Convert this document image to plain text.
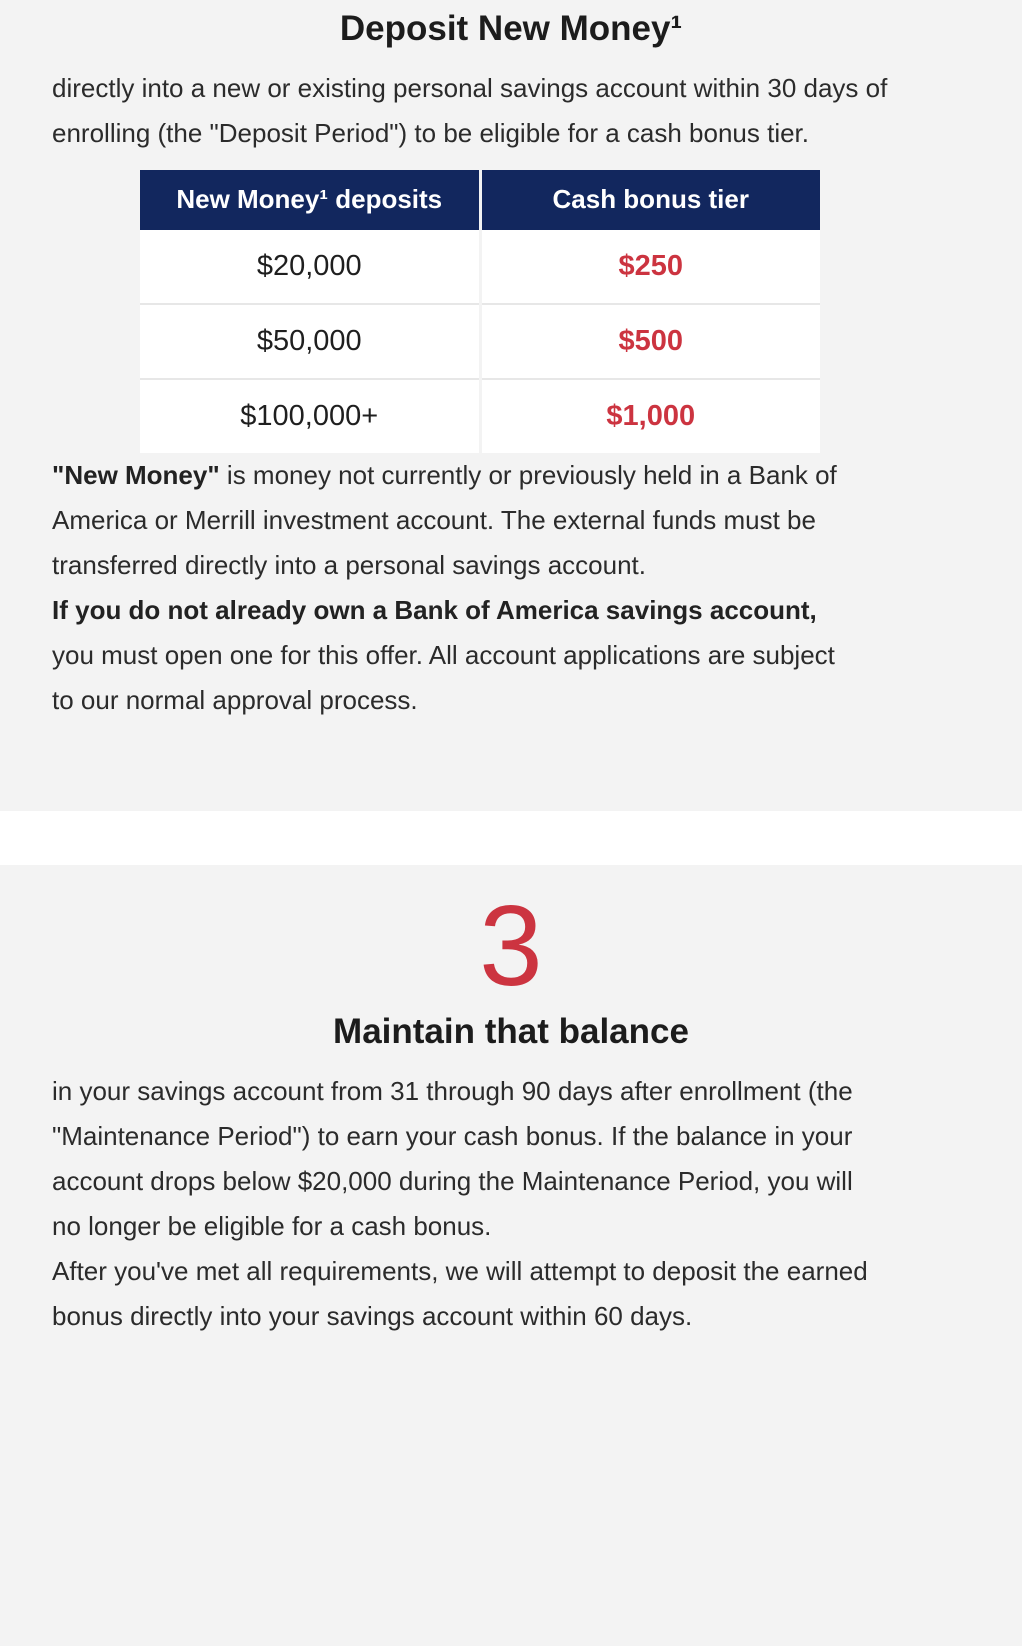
Deposit New Money¹

directly into a new or existing personal savings account within 30 days of enrolling (the "Deposit Period") to be eligible for a cash bonus tier.

New Money¹ deposits	Cash bonus tier
$20,000	$250
$50,000	$500
$100,000+	$1,000

"New Money" is money not currently or previously held in a Bank of America or Merrill investment account. The external funds must be transferred directly into a personal savings account.

If you do not already own a Bank of America savings account, you must open one for this offer. All account applications are subject to our normal approval process.

3
Maintain that balance

in your savings account from 31 through 90 days after enrollment (the "Maintenance Period") to earn your cash bonus. If the balance in your account drops below $20,000 during the Maintenance Period, you will no longer be eligible for a cash bonus.

After you've met all requirements, we will attempt to deposit the earned bonus directly into your savings account within 60 days.
